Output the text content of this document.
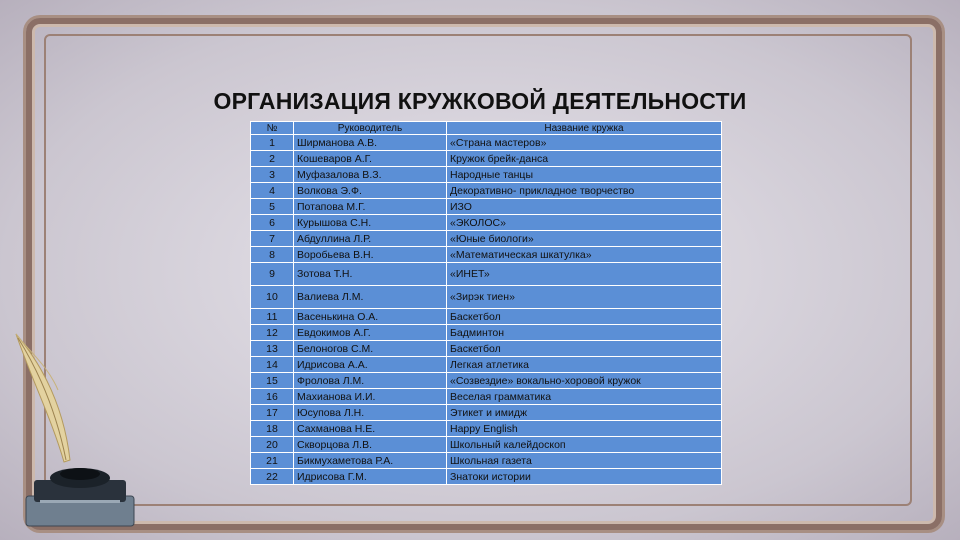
ОРГАНИЗАЦИЯ КРУЖКОВОЙ ДЕЯТЕЛЬНОСТИ
№	Руководитель	Название кружка
1	Ширманова А.В.	«Страна мастеров»
2	Кошеваров А.Г.	Кружок брейк-данса
3	Муфазалова В.З.	Народные танцы
4	Волкова Э.Ф.	Декоративно- прикладное творчество
5	Потапова М.Г.	ИЗО
6	Курышова С.Н.	«ЭКОЛОС»
7	Абдуллина Л.Р.	«Юные биологи»
8	Воробьева В.Н.	«Математическая шкатулка»
9	Зотова Т.Н.	«ИНЕТ»
10	Валиева Л.М.	«Зирэк тиен»
11	Васенькина О.А.	Баскетбол
12	Евдокимов А.Г.	Бадминтон
13	Белоногов С.М.	Баскетбол
14	Идрисова А.А.	Легкая атлетика
15	Фролова Л.М.	«Созвездие» вокально-хоровой кружок
16	Махианова И.И.	Веселая грамматика
17	Юсупова Л.Н.	Этикет и имидж
18	Сахманова Н.Е.	Happy English
20	Скворцова Л.В.	Школьный калейдоскоп
21	Бикмухаметова Р.А.	Школьная газета
22	Идрисова Г.М.	Знатоки истории
